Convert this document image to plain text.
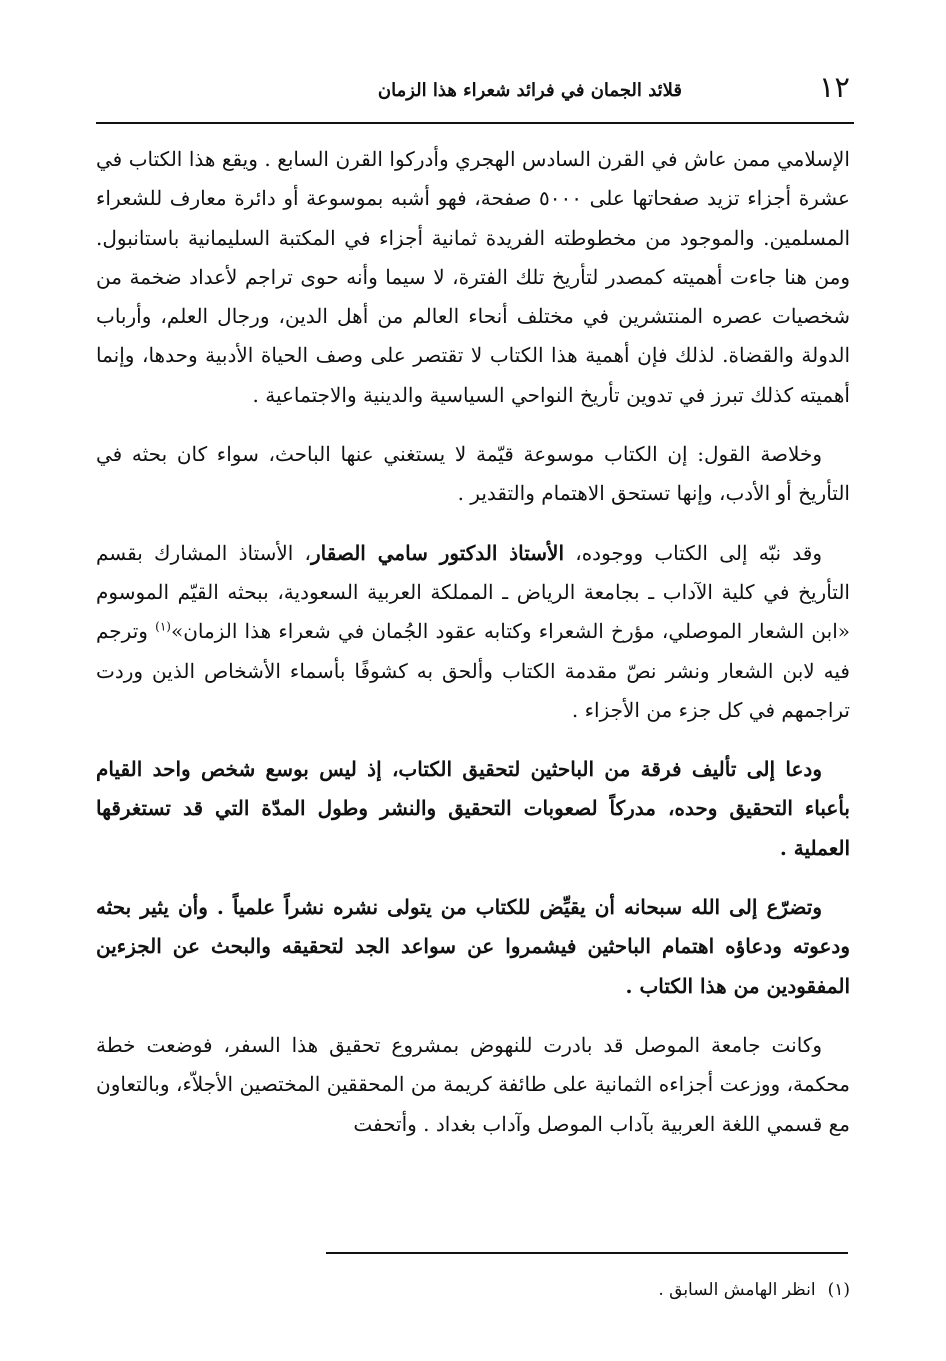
١٢
قلائد الجمان في فرائد شعراء هذا الزمان

الإسلامي ممن عاش في القرن السادس الهجري وأدركوا القرن السابع . ويقع هذا الكتاب في عشرة أجزاء تزيد صفحاتها على ٥٠٠٠ صفحة، فهو أشبه بموسوعة أو دائرة معارف للشعراء المسلمين. والموجود من مخطوطته الفريدة ثمانية أجزاء في المكتبة السليمانية باستانبول. ومن هنا جاءت أهميته كمصدر لتأريخ تلك الفترة، لا سيما وأنه حوى تراجم لأعداد ضخمة من شخصيات عصره المنتشرين في مختلف أنحاء العالم من أهل الدين، ورجال العلم، وأرباب الدولة والقضاة. لذلك فإن أهمية هذا الكتاب لا تقتصر على وصف الحياة الأدبية وحدها، وإنما أهميته كذلك تبرز في تدوين تأريخ النواحي السياسية والدينية والاجتماعية .

وخلاصة القول: إن الكتاب موسوعة قيّمة لا يستغني عنها الباحث، سواء كان بحثه في التأريخ أو الأدب، وإنها تستحق الاهتمام والتقدير .

وقد نبّه إلى الكتاب ووجوده، الأستاذ الدكتور سامي الصقار، الأستاذ المشارك بقسم التأريخ في كلية الآداب ـ بجامعة الرياض ـ المملكة العربية السعودية، ببحثه القيّم الموسوم «ابن الشعار الموصلي، مؤرخ الشعراء وكتابه عقود الجُمان في شعراء هذا الزمان»$^{(١)}$ وترجم فيه لابن الشعار ونشر نصّ مقدمة الكتاب وألحق به كشوفًا بأسماء الأشخاص الذين وردت تراجمهم في كل جزء من الأجزاء .

ودعا إلى تأليف فرقة من الباحثين لتحقيق الكتاب، إذ ليس بوسع شخص واحد القيام بأعباء التحقيق وحده، مدركاً لصعوبات التحقيق والنشر وطول المدّة التي قد تستغرقها العملية .

وتضرّع إلى الله سبحانه أن يقيِّض للكتاب من يتولى نشره نشراً علمياً . وأن يثير بحثه ودعوته ودعاؤه اهتمام الباحثين فيشمروا عن سواعد الجد لتحقيقه والبحث عن الجزءين المفقودين من هذا الكتاب .

وكانت جامعة الموصل قد بادرت للنهوض بمشروع تحقيق هذا السفر، فوضعت خطة محكمة، ووزعت أجزاءه الثمانية على طائفة كريمة من المحققين المختصين الأجلاّء، وبالتعاون مع قسمي اللغة العربية بآداب الموصل وآداب بغداد . وأتحفت

(١)انظر الهامش السابق .
